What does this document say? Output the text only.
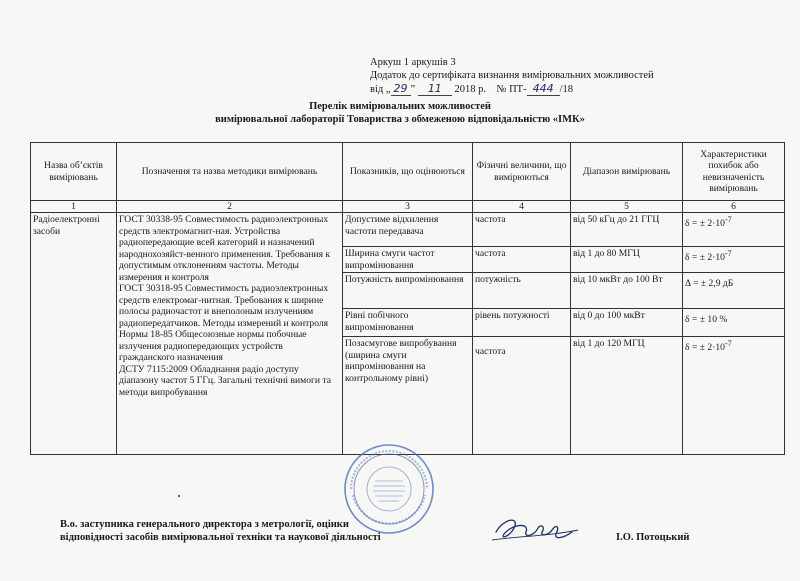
Аркуш 1 аркушів 3
Додаток до сертифіката визнання вимірювальних можливостей
від „ 29 ” 11 2018 р. № ПТ- 444 /18
Перелік вимірювальних можливостей
вимірювальної лабораторії Товариства з обмеженою відповідальністю «ІМК»
Назва об’єктів вимірювань	Позначення та назва методики вимірювань	Показників, що оцінюються	Фізичні величини, що вимірюються	Діапазон вимірювань	Характеристики похибок або невизначеність вимірювань
1	2	3	4	5	6
Радіоелектронні засоби	ГОСТ 30338-95 Совместимость радиоэлектронных средств электромагнит-ная. Устройства радиопередающие всей категорий и назначений народнохозяйст-венного применения. Требования к допустимым отклонениям частоты. Методы измерения и контроля
ГОСТ 30318-95 Совместимость радиоэлектронных средств електромаг-нитная. Требования к ширине полосы радиочастот и внеполоным излучениям радиопередатчиков. Методы измерений и контроля
Нормы 18-85 Общесоюзные нормы побочные излучения радиопередающих устройств гражданского назначения
ДСТУ 7115:2009 Обладнання радіо доступу діапазону частот 5 ГГц. Загальні технічні вимоги та методи випробування	Допустиме відхилення частоти передавача	частота	від 50 кГц до 21 ГГЦ	δ = ± $2\cdot 10^{-7}$
		Ширина смуги частот випромінювання	частота	від 1 до 80 МГЦ	δ = ± $2\cdot 10^{-7}$
		Потужність випромінювання	потужність	від 10 мкВт до 100 Вт	Δ = ± 2,9 дБ
		Рівні побічного випромінювання	рівень потужності	від 0 до 100 мкВт	δ = ± 10 %
		Позасмугове випробування (ширина смуги випромінювання на контрольному рівні)	частота	від 1 до 120 МГЦ	δ = ± $2\cdot 10^{-7}$
В.о. заступника генерального директора з метрології, оцінки
відповідності засобів вимірювальної техніки та наукової діяльності	І.О. Потоцький
